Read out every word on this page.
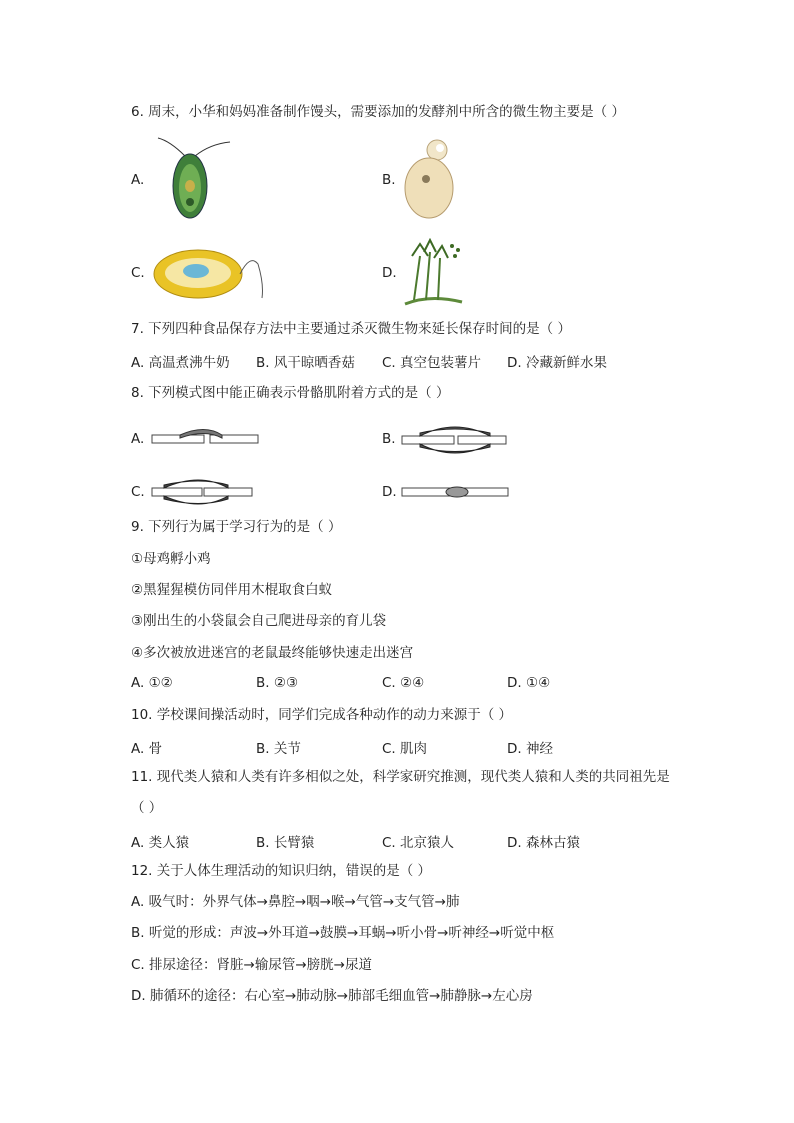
6. 周末，小华和妈妈准备制作馒头，需要添加的发酵剂中所含的微生物主要是（ ）
A.	B.
C.	D.
7. 下列四种食品保存方法中主要通过杀灭微生物来延长保存时间的是（ ）
A. 高温煮沸牛奶 B. 风干晾晒香菇 C. 真空包装薯片 D. 冷藏新鲜水果
8. 下列模式图中能正确表示骨骼肌附着方式的是（ ）
A.	B.
C.	D.
9. 下列行为属于学习行为的是（ ）
①母鸡孵小鸡
②黑猩猩模仿同伴用木棍取食白蚁
③刚出生的小袋鼠会自己爬进母亲的育儿袋
④多次被放进迷宫的老鼠最终能够快速走出迷宫
A. ①②	B. ②③	C. ②④	D. ①④
10. 学校课间操活动时，同学们完成各种动作的动力来源于（ ）
A. 骨	B. 关节	C. 肌肉	D. 神经
11. 现代类人猿和人类有许多相似之处，科学家研究推测，现代类人猿和人类的共同祖先是
（ ）
A. 类人猿	B. 长臂猿	C. 北京猿人	D. 森林古猿
12. 关于人体生理活动的知识归纳，错误的是（ ）
A. 吸气时：外界气体→鼻腔→咽→喉→气管→支气管→肺
B. 听觉的形成：声波→外耳道→鼓膜→耳蜗→听小骨→听神经→听觉中枢
C. 排尿途径：肾脏→输尿管→膀胱→尿道
D. 肺循环的途径：右心室→肺动脉→肺部毛细血管→肺静脉→左心房
